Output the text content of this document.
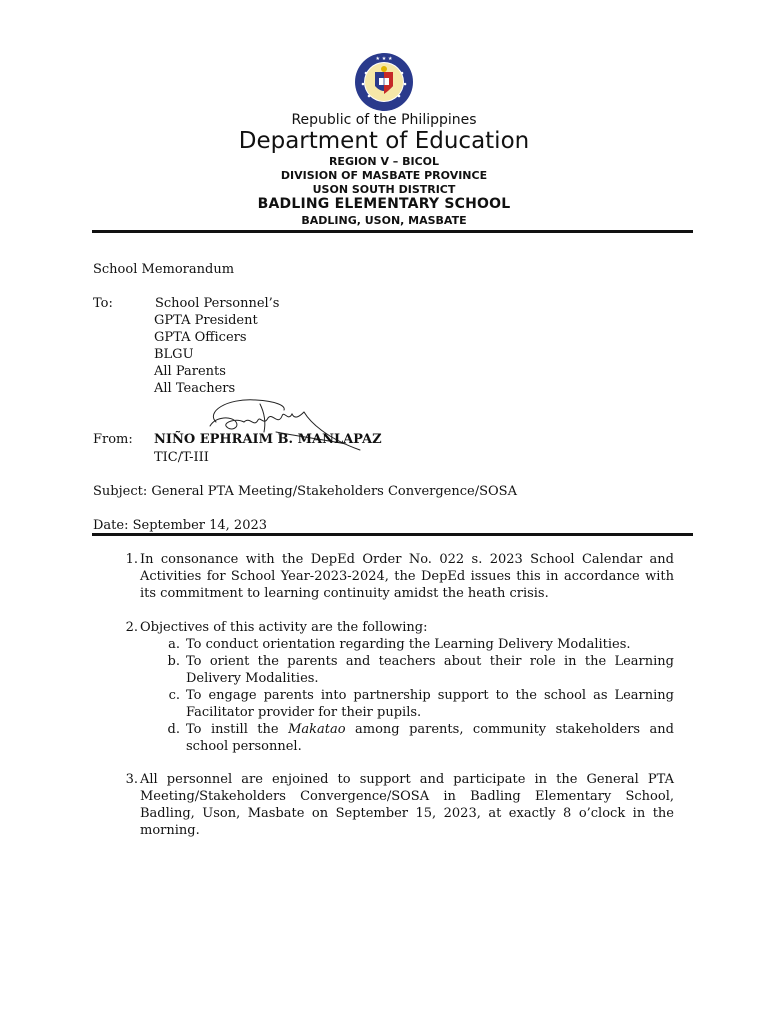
★ ★ ★
Republic of the Philippines
Department of Education
REGION V – BICOL
DIVISION OF MASBATE PROVINCE
USON SOUTH DISTRICT
BADLING ELEMENTARY SCHOOL
BADLING, USON, MASBATE
School Memorandum
To:	School Personnel’s
GPTA President
GPTA Officers
BLGU
All Parents
All Teachers
From: NIÑO EPHRAIM B. MANLAPAZ
TIC/T-III
Subject: General PTA Meeting/Stakeholders Convergence/SOSA
Date: September 14, 2023
1. In consonance with the DepEd Order No. 022 s. 2023 School Calendar and Activities for School Year-2023-2024, the DepEd issues this in accordance with its commitment to learning continuity amidst the heath crisis.
2. Objectives of this activity are the following:
a. To conduct orientation regarding the Learning Delivery Modalities.
b. To orient the parents and teachers about their role in the Learning Delivery Modalities.
c. To engage parents into partnership support to the school as Learning Facilitator provider for their pupils.
d. To instill the Makatao among parents, community stakeholders and school personnel.
3. All personnel are enjoined to support and participate in the General PTA Meeting/Stakeholders Convergence/SOSA in Badling Elementary School, Badling, Uson, Masbate on September 15, 2023, at exactly 8 o’clock in the morning.
